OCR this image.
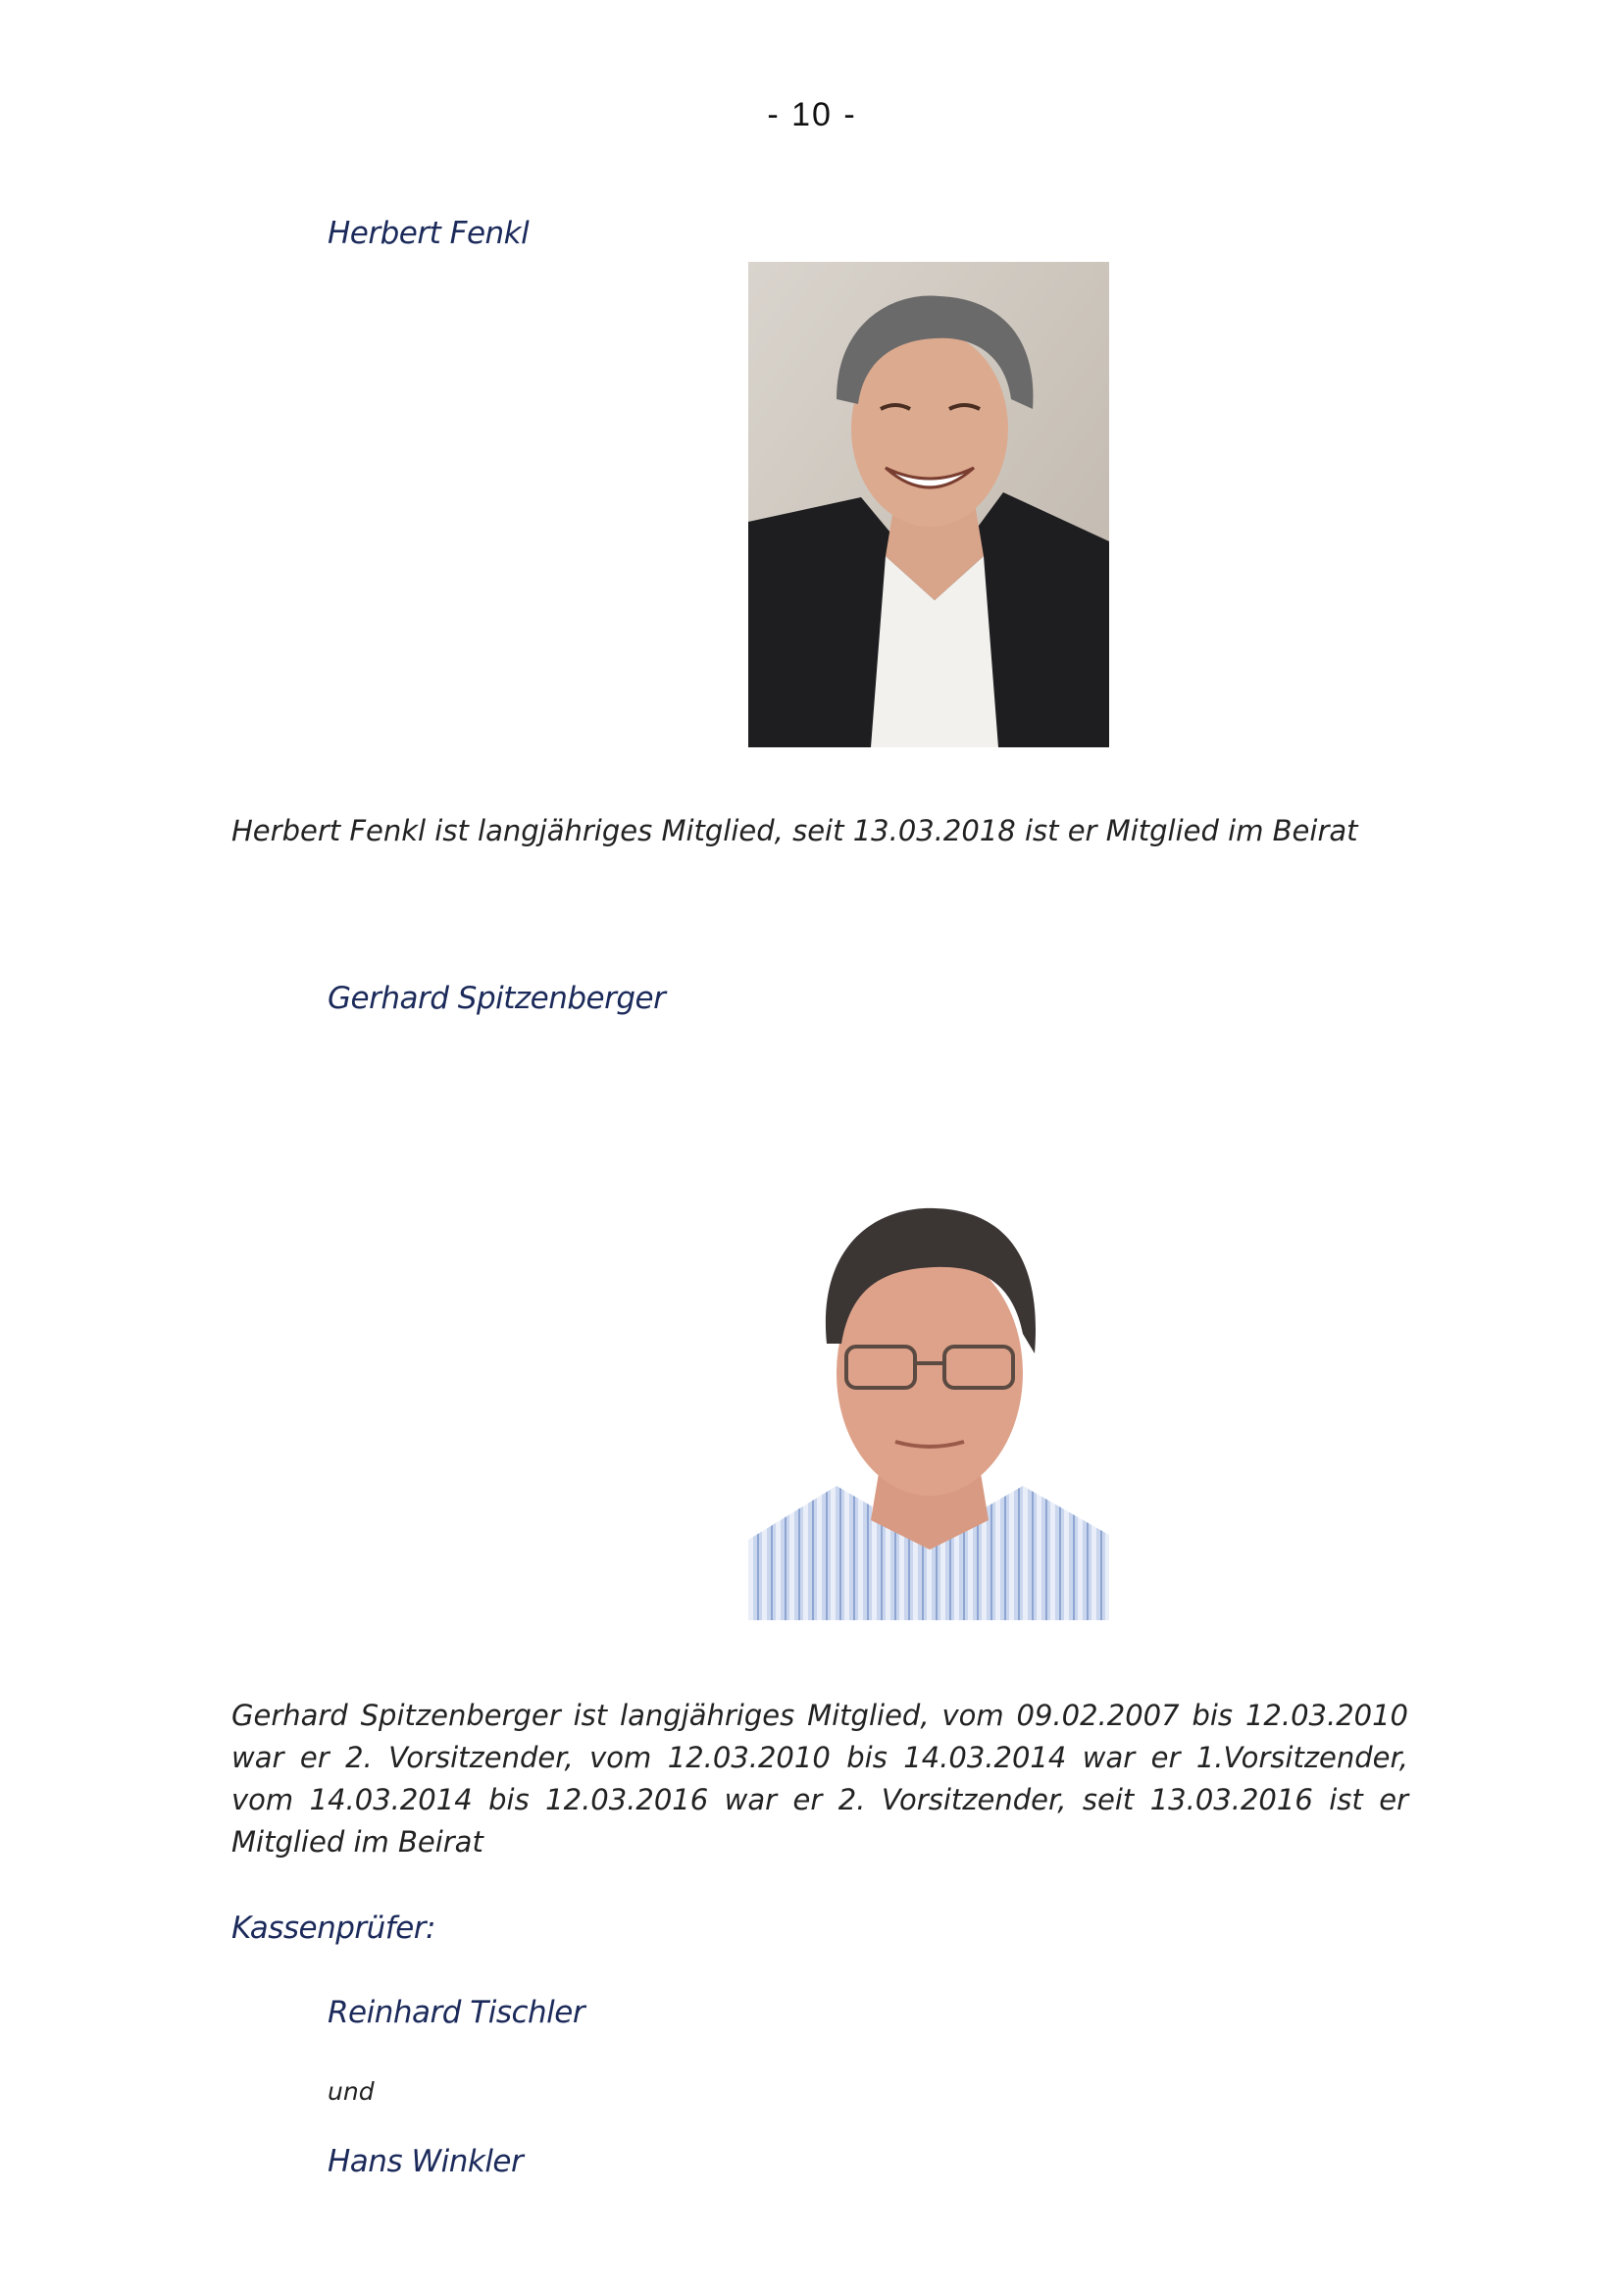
- 10 -
Herbert Fenkl
Herbert Fenkl ist langjähriges Mitglied, seit 13.03.2018 ist er Mitglied im Beirat
Gerhard Spitzenberger
Gerhard Spitzenberger ist langjähriges Mitglied, vom 09.02.2007 bis 12.03.2010 war er 2. Vorsitzender, vom 12.03.2010 bis 14.03.2014 war er 1.Vorsitzender, vom 14.03.2014 bis 12.03.2016 war er 2. Vorsitzender, seit 13.03.2016 ist er Mitglied im Beirat
Kassenprüfer:
Reinhard Tischler
und
Hans Winkler
